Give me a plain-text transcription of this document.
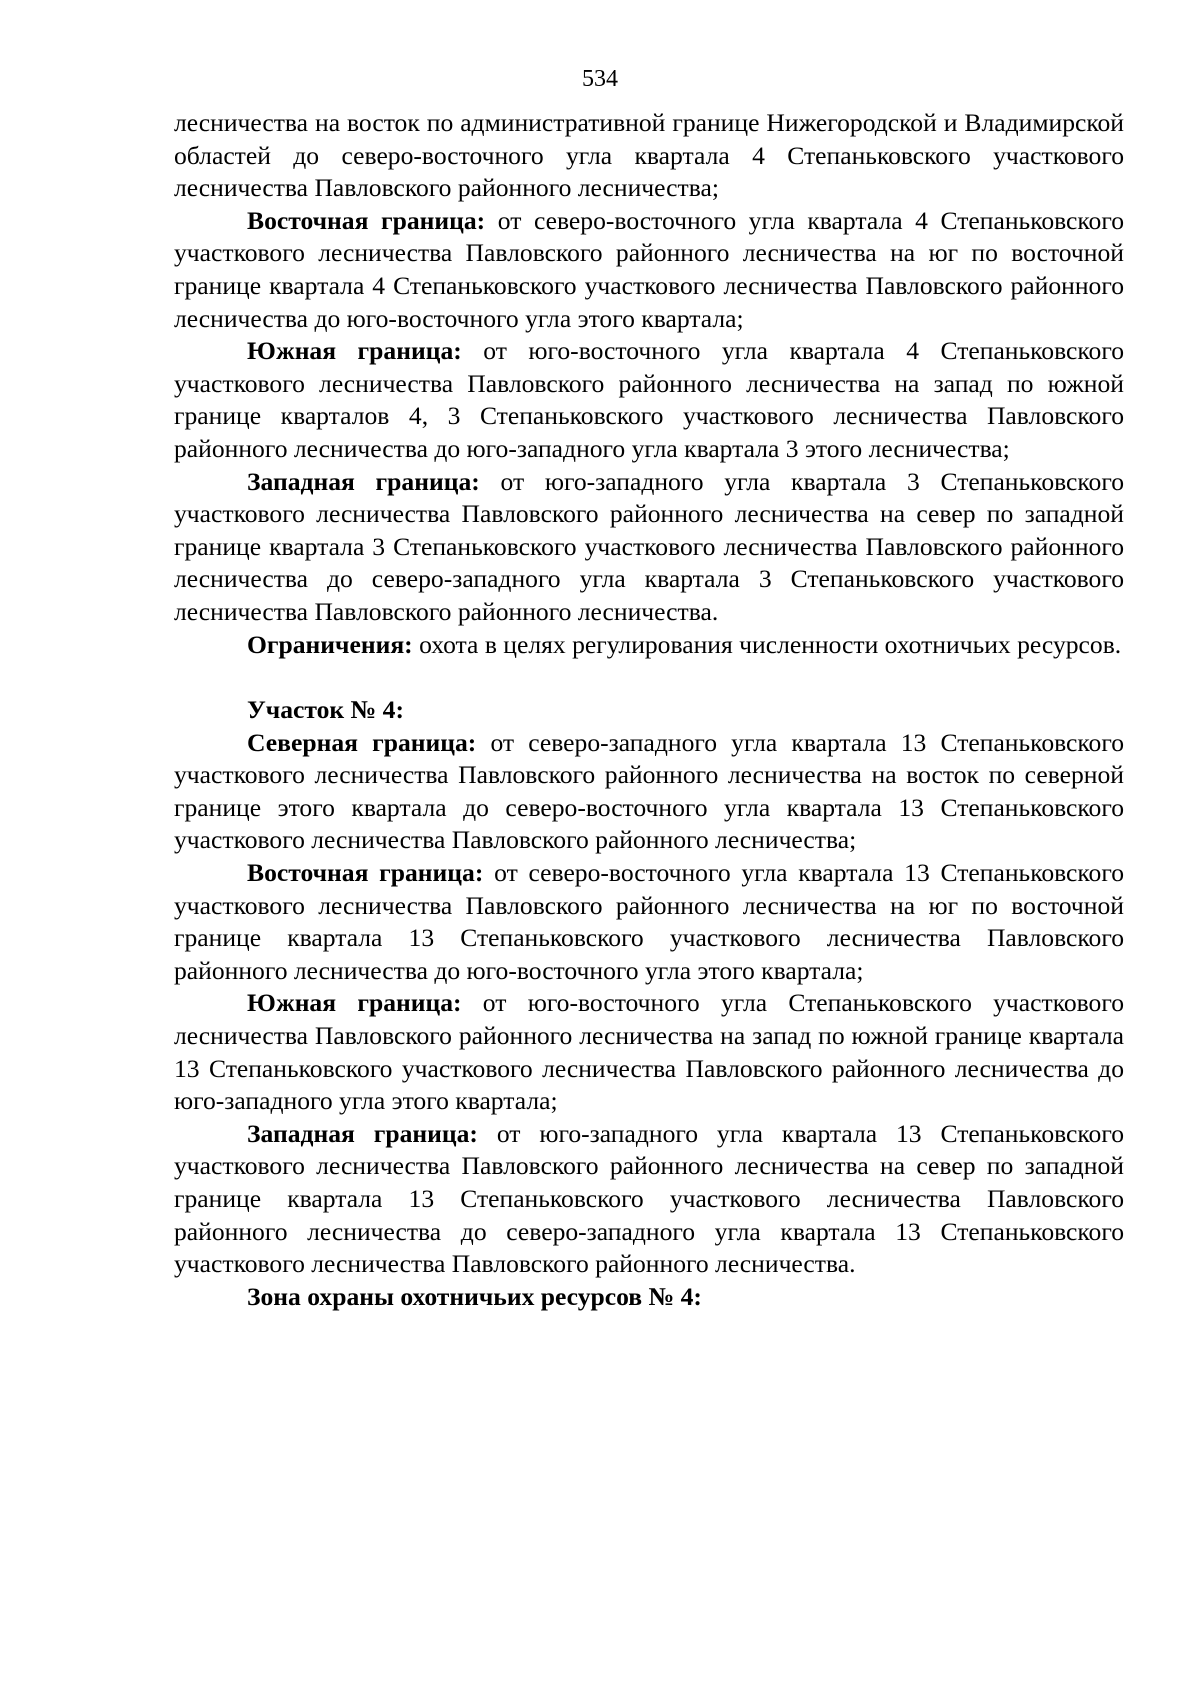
534

лесничества на восток по административной границе Нижегородской и Владимирской областей до северо-восточного угла квартала 4 Степаньковского участкового лесничества Павловского районного лесничества;

Восточная граница: от северо-восточного угла квартала 4 Степаньковского участкового лесничества Павловского районного лесничества на юг по восточной границе квартала 4 Степаньковского участкового лесничества Павловского районного лесничества до юго-восточного угла этого квартала;

Южная граница: от юго-восточного угла квартала 4 Степаньковского участкового лесничества Павловского районного лесничества на запад по южной границе кварталов 4, 3 Степаньковского участкового лесничества Павловского районного лесничества до юго-западного угла квартала 3 этого лесничества;

Западная граница: от юго-западного угла квартала 3 Степаньковского участкового лесничества Павловского районного лесничества на север по западной границе квартала 3 Степаньковского участкового лесничества Павловского районного лесничества до северо-западного угла квартала 3 Степаньковского участкового лесничества Павловского районного лесничества.

Ограничения: охота в целях регулирования численности охотничьих ресурсов.

Участок № 4:

Северная граница: от северо-западного угла квартала 13 Степаньковского участкового лесничества Павловского районного лесничества на восток по северной границе этого квартала до северо-восточного угла квартала 13 Степаньковского участкового лесничества Павловского районного лесничества;

Восточная граница: от северо-восточного угла квартала 13 Степаньковского участкового лесничества Павловского районного лесничества на юг по восточной границе квартала 13 Степаньковского участкового лесничества Павловского районного лесничества до юго-восточного угла этого квартала;

Южная граница: от юго-восточного угла Степаньковского участкового лесничества Павловского районного лесничества на запад по южной границе квартала 13 Степаньковского участкового лесничества Павловского районного лесничества до юго-западного угла этого квартала;

Западная граница: от юго-западного угла квартала 13 Степаньковского участкового лесничества Павловского районного лесничества на север по западной границе квартала 13 Степаньковского участкового лесничества Павловского районного лесничества до северо-западного угла квартала 13 Степаньковского участкового лесничества Павловского районного лесничества.

Зона охраны охотничьих ресурсов № 4:
